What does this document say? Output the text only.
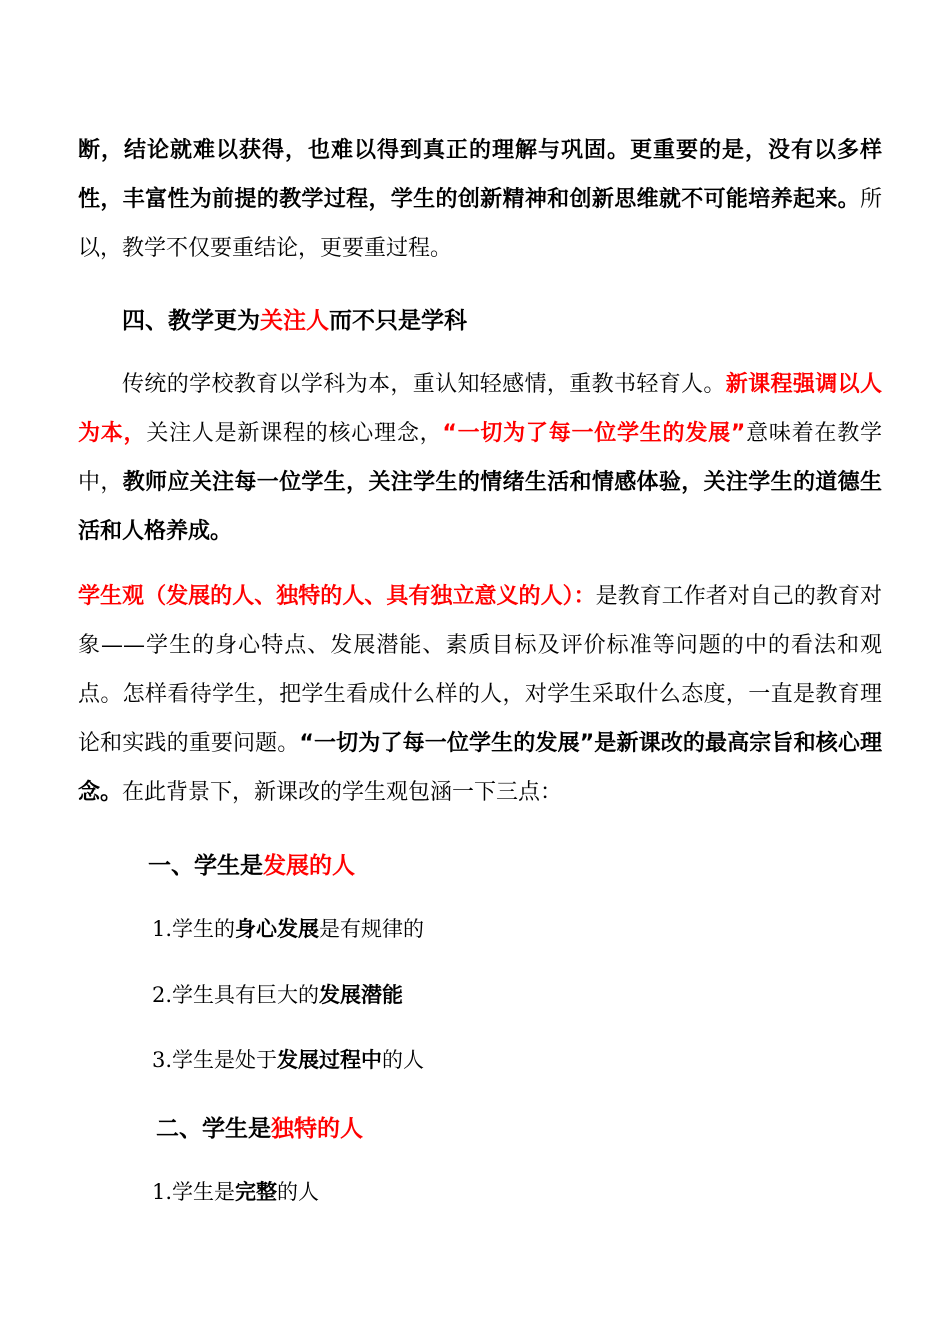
断，结论就难以获得，也难以得到真正的理解与巩固。更重要的是，没有以多样性，丰富性为前提的教学过程，学生的创新精神和创新思维就不可能培养起来。所以，教学不仅要重结论，更要重过程。

四、教学更为关注人而不只是学科

传统的学校教育以学科为本，重认知轻感情，重教书轻育人。新课程强调以人为本，关注人是新课程的核心理念，“一切为了每一位学生的发展”意味着在教学中，教师应关注每一位学生，关注学生的情绪生活和情感体验，关注学生的道德生活和人格养成。

学生观（发展的人、独特的人、具有独立意义的人）：是教育工作者对自己的教育对象——学生的身心特点、发展潜能、素质目标及评价标准等问题的中的看法和观点。怎样看待学生，把学生看成什么样的人，对学生采取什么态度，一直是教育理论和实践的重要问题。“一切为了每一位学生的发展”是新课改的最高宗旨和核心理念。在此背景下，新课改的学生观包涵一下三点：

一、学生是发展的人

1.学生的身心发展是有规律的

2.学生具有巨大的发展潜能

3.学生是处于发展过程中的人

二、学生是独特的人

1.学生是完整的人
